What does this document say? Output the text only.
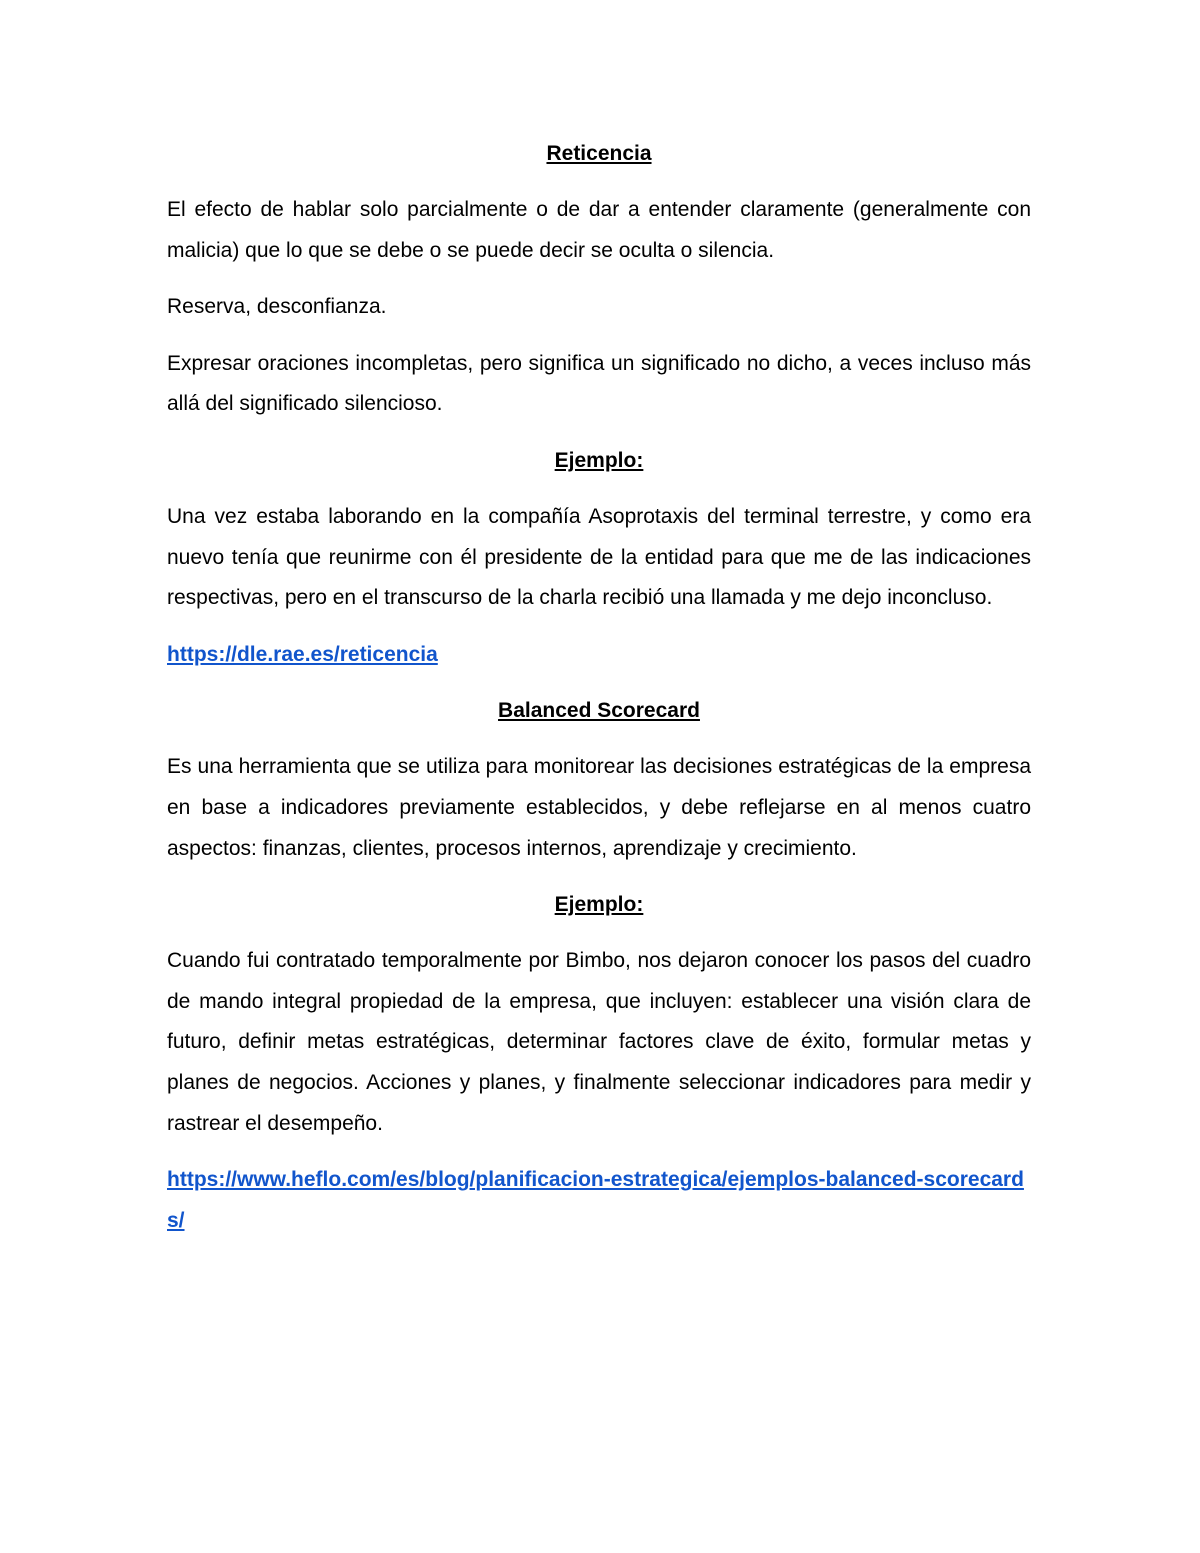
Reticencia

El efecto de hablar solo parcialmente o de dar a entender claramente (generalmente con malicia) que lo que se debe o se puede decir se oculta o silencia.

Reserva, desconfianza.

Expresar oraciones incompletas, pero significa un significado no dicho, a veces incluso más allá del significado silencioso.

Ejemplo:

Una vez estaba laborando en la compañía Asoprotaxis del terminal terrestre, y como era nuevo tenía que reunirme con él presidente de la entidad para que me de las indicaciones respectivas, pero en el transcurso de la charla recibió una llamada y me dejo inconcluso.

https://dle.rae.es/reticencia
Balanced Scorecard

Es una herramienta que se utiliza para monitorear las decisiones estratégicas de la empresa en base a indicadores previamente establecidos, y debe reflejarse en al menos cuatro aspectos: finanzas, clientes, procesos internos, aprendizaje y crecimiento.

Ejemplo:

Cuando fui contratado temporalmente por Bimbo, nos dejaron conocer los pasos del cuadro de mando integral propiedad de la empresa, que incluyen: establecer una visión clara de futuro, definir metas estratégicas, determinar factores clave de éxito, formular metas y planes de negocios. Acciones y planes, y finalmente seleccionar indicadores para medir y rastrear el desempeño.

https://www.heflo.com/es/blog/planificacion-estrategica/ejemplos-balanced-scorecards/
